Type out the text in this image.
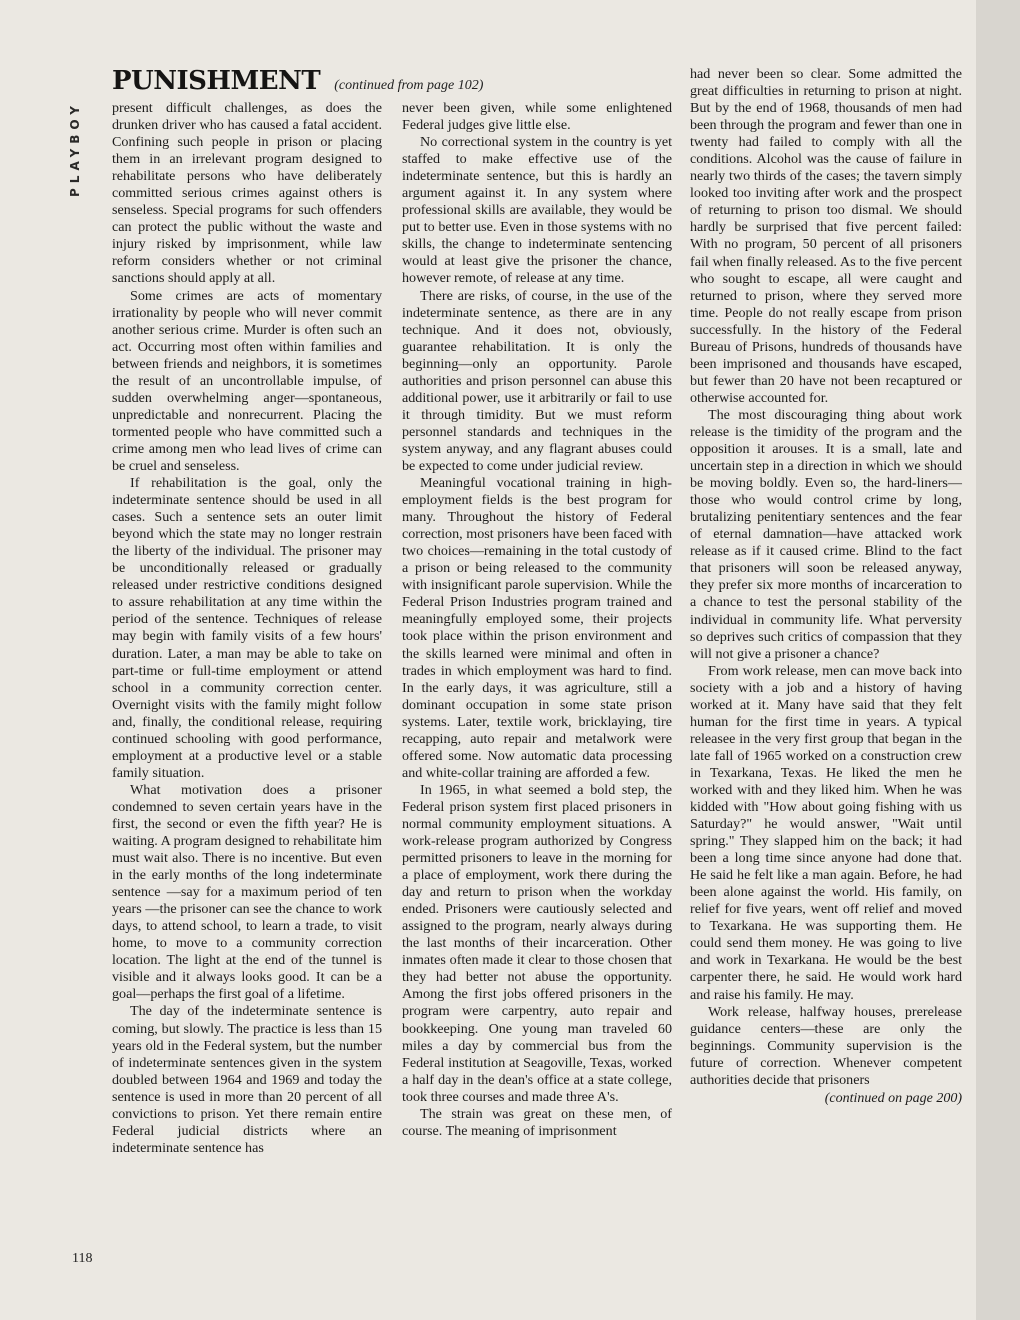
PLAYBOY
PUNISHMENT (continued from page 102)

present difficult challenges, as does the drunken driver who has caused a fatal accident. Confining such people in prison or placing them in an irrelevant program designed to rehabilitate persons who have deliberately committed serious crimes against others is senseless. Special programs for such offenders can protect the public without the waste and injury risked by imprisonment, while law reform considers whether or not criminal sanctions should apply at all.

Some crimes are acts of momentary irrationality by people who will never commit another serious crime. Murder is often such an act. Occurring most often within families and between friends and neighbors, it is sometimes the result of an uncontrollable impulse, of sudden overwhelming anger—spontaneous, unpredictable and nonrecurrent. Placing the tormented people who have committed such a crime among men who lead lives of crime can be cruel and senseless.

If rehabilitation is the goal, only the indeterminate sentence should be used in all cases. Such a sentence sets an outer limit beyond which the state may no longer restrain the liberty of the individual. The prisoner may be unconditionally released or gradually released under restrictive conditions designed to assure rehabilitation at any time within the period of the sentence. Techniques of release may begin with family visits of a few hours' duration. Later, a man may be able to take on part-time or full-time employment or attend school in a community correction center. Overnight visits with the family might follow and, finally, the conditional release, requiring continued schooling with good performance, employment at a productive level or a stable family situation.

What motivation does a prisoner condemned to seven certain years have in the first, the second or even the fifth year? He is waiting. A program designed to rehabilitate him must wait also. There is no incentive. But even in the early months of the long indeterminate sentence —say for a maximum period of ten years —the prisoner can see the chance to work days, to attend school, to learn a trade, to visit home, to move to a community correction location. The light at the end of the tunnel is visible and it always looks good. It can be a goal—perhaps the first goal of a lifetime.

The day of the indeterminate sentence is coming, but slowly. The practice is less than 15 years old in the Federal system, but the number of indeterminate sentences given in the system doubled between 1964 and 1969 and today the sentence is used in more than 20 percent of all convictions to prison. Yet there remain entire Federal judicial districts where an indeterminate sentence has

never been given, while some enlightened Federal judges give little else.

No correctional system in the country is yet staffed to make effective use of the indeterminate sentence, but this is hardly an argument against it. In any system where professional skills are available, they would be put to better use. Even in those systems with no skills, the change to indeterminate sentencing would at least give the prisoner the chance, however remote, of release at any time.

There are risks, of course, in the use of the indeterminate sentence, as there are in any technique. And it does not, obviously, guarantee rehabilitation. It is only the beginning—only an opportunity. Parole authorities and prison personnel can abuse this additional power, use it arbitrarily or fail to use it through timidity. But we must reform personnel standards and techniques in the system anyway, and any flagrant abuses could be expected to come under judicial review.

Meaningful vocational training in high-employment fields is the best program for many. Throughout the history of Federal correction, most prisoners have been faced with two choices—remaining in the total custody of a prison or being released to the community with insignificant parole supervision. While the Federal Prison Industries program trained and meaningfully employed some, their projects took place within the prison environment and the skills learned were minimal and often in trades in which employment was hard to find. In the early days, it was agriculture, still a dominant occupation in some state prison systems. Later, textile work, bricklaying, tire recapping, auto repair and metalwork were offered some. Now automatic data processing and white-collar training are afforded a few.

In 1965, in what seemed a bold step, the Federal prison system first placed prisoners in normal community employment situations. A work-release program authorized by Congress permitted prisoners to leave in the morning for a place of employment, work there during the day and return to prison when the workday ended. Prisoners were cautiously selected and assigned to the program, nearly always during the last months of their incarceration. Other inmates often made it clear to those chosen that they had better not abuse the opportunity. Among the first jobs offered prisoners in the program were carpentry, auto repair and bookkeeping. One young man traveled 60 miles a day by commercial bus from the Federal institution at Seagoville, Texas, worked a half day in the dean's office at a state college, took three courses and made three A's.

The strain was great on these men, of course. The meaning of imprisonment

had never been so clear. Some admitted the great difficulties in returning to prison at night. But by the end of 1968, thousands of men had been through the program and fewer than one in twenty had failed to comply with all the conditions. Alcohol was the cause of failure in nearly two thirds of the cases; the tavern simply looked too inviting after work and the prospect of returning to prison too dismal. We should hardly be surprised that five percent failed: With no program, 50 percent of all prisoners fail when finally released. As to the five percent who sought to escape, all were caught and returned to prison, where they served more time. People do not really escape from prison successfully. In the history of the Federal Bureau of Prisons, hundreds of thousands have been imprisoned and thousands have escaped, but fewer than 20 have not been recaptured or otherwise accounted for.

The most discouraging thing about work release is the timidity of the program and the opposition it arouses. It is a small, late and uncertain step in a direction in which we should be moving boldly. Even so, the hard-liners—those who would control crime by long, brutalizing penitentiary sentences and the fear of eternal damnation—have attacked work release as if it caused crime. Blind to the fact that prisoners will soon be released anyway, they prefer six more months of incarceration to a chance to test the personal stability of the individual in community life. What perversity so deprives such critics of compassion that they will not give a prisoner a chance?

From work release, men can move back into society with a job and a history of having worked at it. Many have said that they felt human for the first time in years. A typical releasee in the very first group that began in the late fall of 1965 worked on a construction crew in Texarkana, Texas. He liked the men he worked with and they liked him. When he was kidded with "How about going fishing with us Saturday?" he would answer, "Wait until spring." They slapped him on the back; it had been a long time since anyone had done that. He said he felt like a man again. Before, he had been alone against the world. His family, on relief for five years, went off relief and moved to Texarkana. He was supporting them. He could send them money. He was going to live and work in Texarkana. He would be the best carpenter there, he said. He would work hard and raise his family. He may.

Work release, halfway houses, prerelease guidance centers—these are only the beginnings. Community supervision is the future of correction. Whenever competent authorities decide that prisoners

(continued on page 200)
118
